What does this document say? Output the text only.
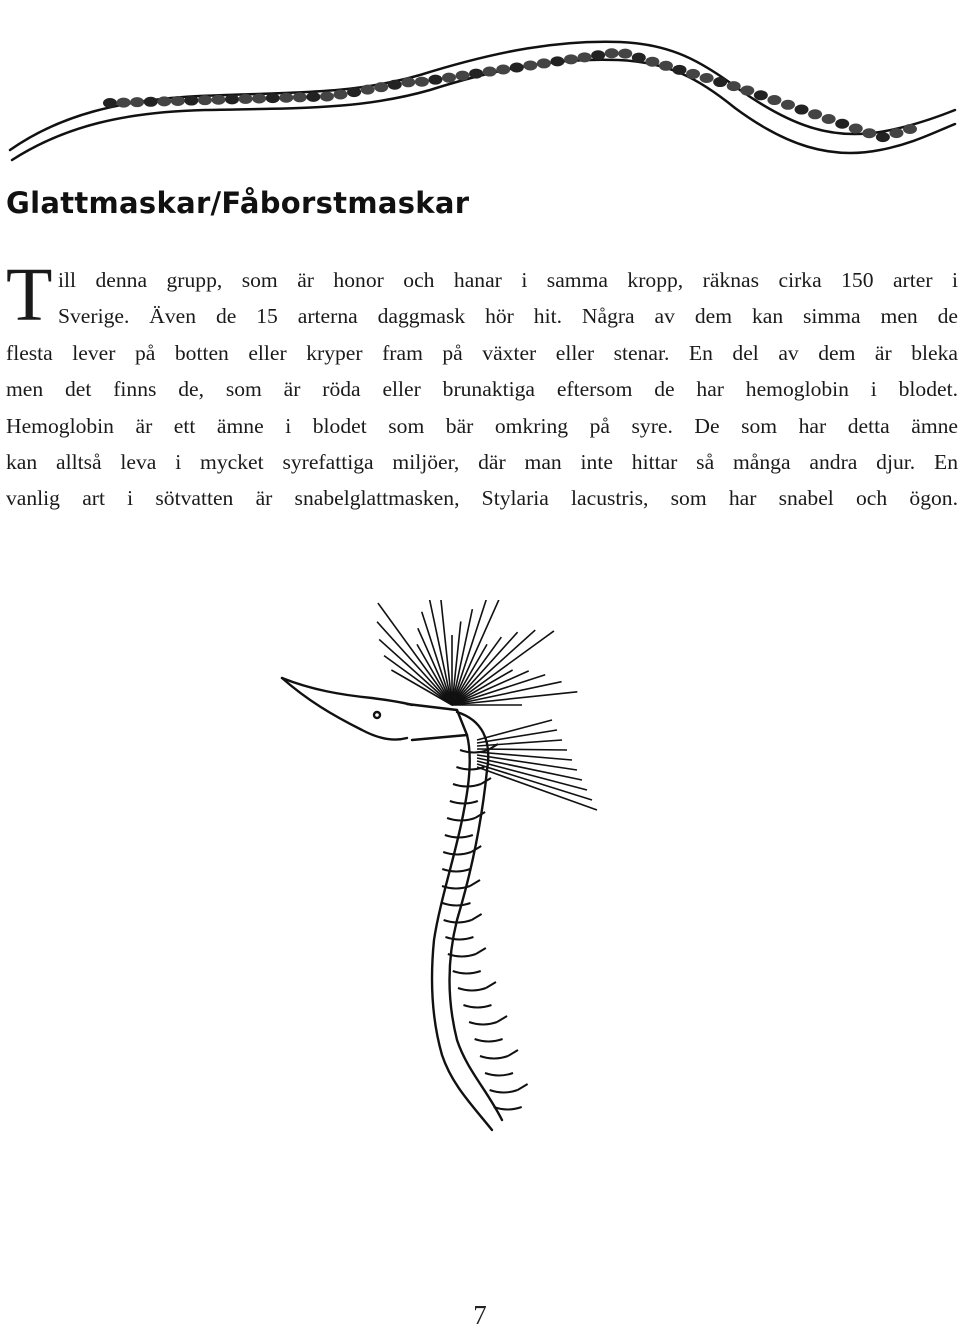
Glattmaskar/Fåborstmaskar
T ill denna grupp, som är honor och hanar i samma kropp, räknas cirka 150 arter i
Sverige. Även de 15 arterna daggmask hör hit. Några av dem kan simma men de
flesta lever på botten eller kryper fram på växter eller stenar. En del av dem är bleka
men det finns de, som är röda eller brunaktiga eftersom de har hemoglobin i blodet.
Hemoglobin är ett ämne i blodet som bär omkring på syre. De som har detta ämne
kan alltså leva i mycket syrefattiga miljöer, där man inte hittar så många andra djur. En
vanlig art i sötvatten är snabelglattmasken, Stylaria lacustris, som har snabel och ögon.
7
